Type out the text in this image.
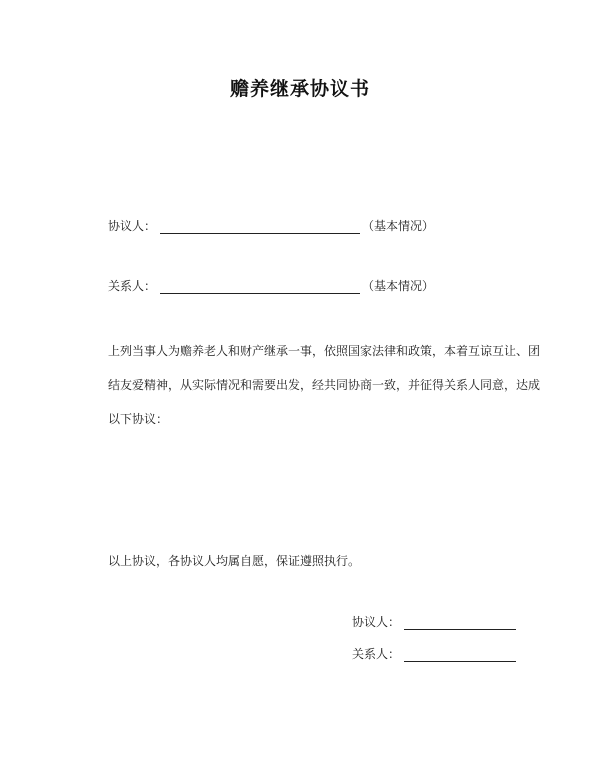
赡养继承协议书
协议人：	（基本情况）
关系人：	（基本情况）

上列当事人为赡养老人和财产继承一事，依照国家法律和政策，本着互谅互让、团结友爱精神，从实际情况和需要出发，经共同协商一致，并征得关系人同意，达成以下协议：

以上协议，各协议人均属自愿，保证遵照执行。

协议人：
关系人：
